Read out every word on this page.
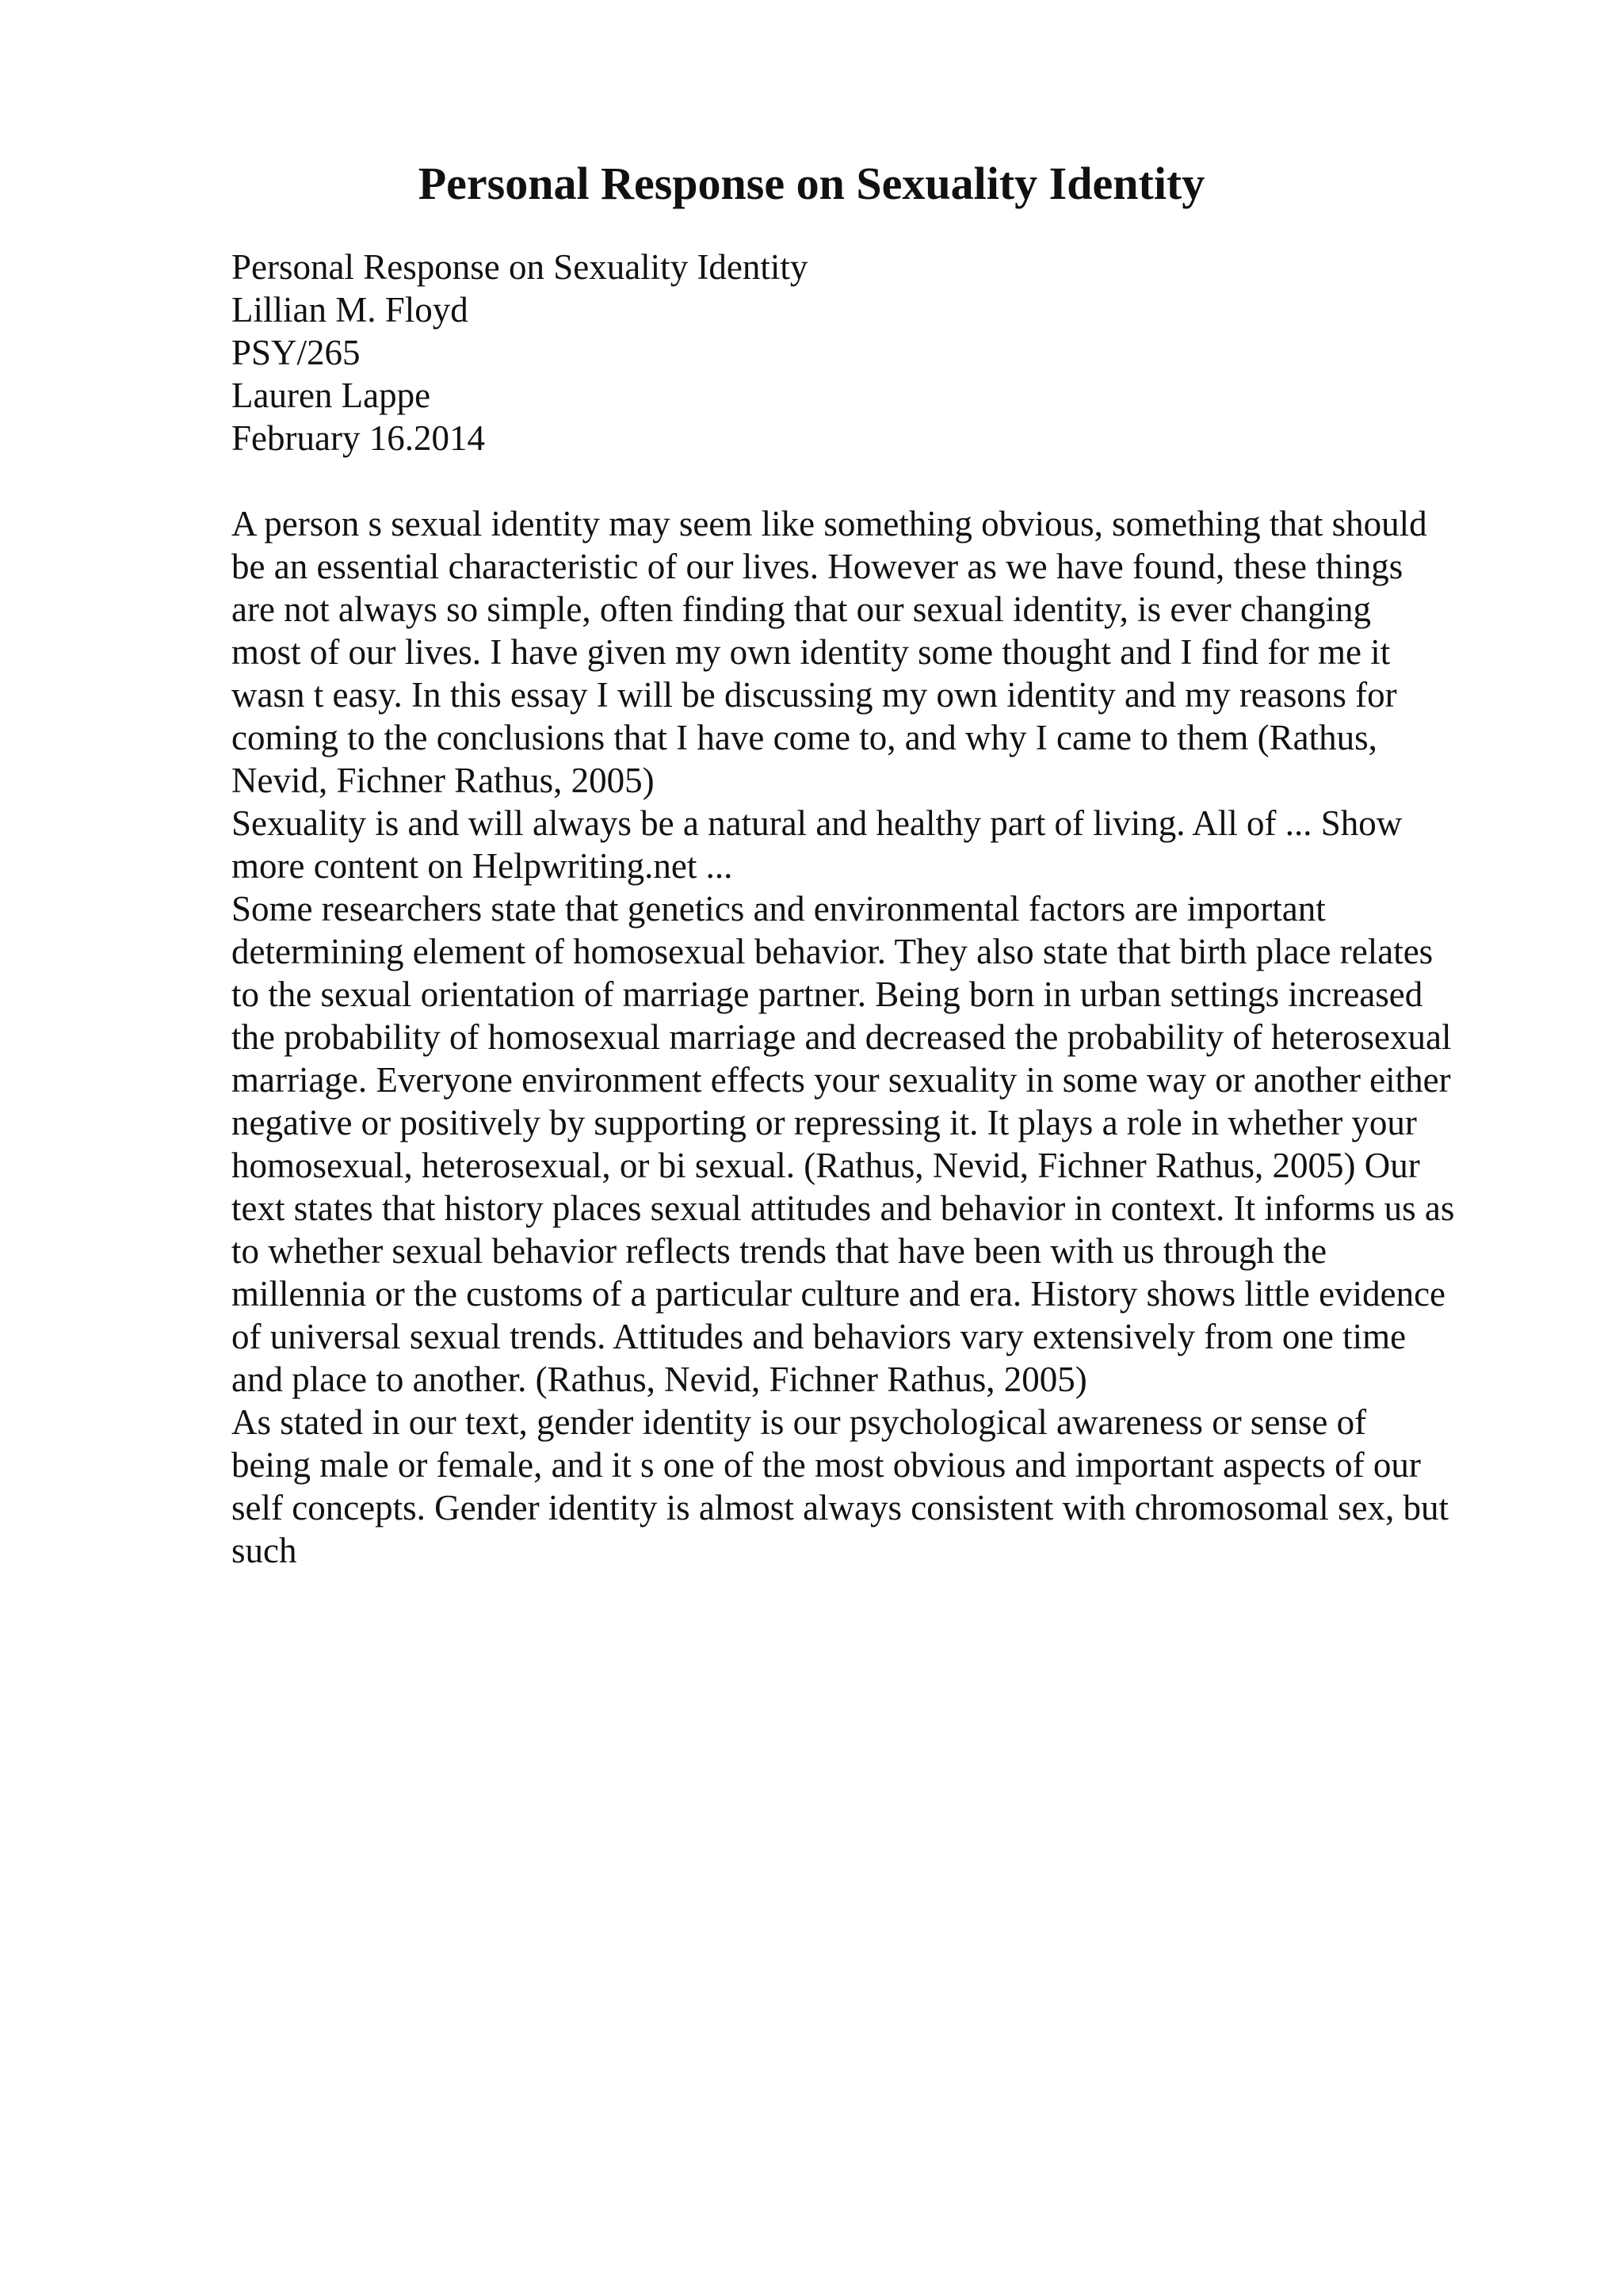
Personal Response on Sexuality Identity
Personal Response on Sexuality Identity
Lillian M. Floyd
PSY/265
Lauren Lappe
February 16.2014

A person s sexual identity may seem like something obvious, something that should
be an essential characteristic of our lives. However as we have found, these things
are not always so simple, often finding that our sexual identity, is ever changing
most of our lives. I have given my own identity some thought and I find for me it
wasn t easy. In this essay I will be discussing my own identity and my reasons for
coming to the conclusions that I have come to, and why I came to them (Rathus,
Nevid, Fichner Rathus, 2005)

Sexuality is and will always be a natural and healthy part of living. All of ... Show
more content on Helpwriting.net ...

Some researchers state that genetics and environmental factors are important
determining element of homosexual behavior. They also state that birth place relates
to the sexual orientation of marriage partner. Being born in urban settings increased
the probability of homosexual marriage and decreased the probability of heterosexual
marriage. Everyone environment effects your sexuality in some way or another either
negative or positively by supporting or repressing it. It plays a role in whether your
homosexual, heterosexual, or bi sexual. (Rathus, Nevid, Fichner Rathus, 2005) Our
text states that history places sexual attitudes and behavior in context. It informs us as
to whether sexual behavior reflects trends that have been with us through the
millennia or the customs of a particular culture and era. History shows little evidence
of universal sexual trends. Attitudes and behaviors vary extensively from one time
and place to another. (Rathus, Nevid, Fichner Rathus, 2005)

As stated in our text, gender identity is our psychological awareness or sense of
being male or female, and it s one of the most obvious and important aspects of our
self concepts. Gender identity is almost always consistent with chromosomal sex, but
such
